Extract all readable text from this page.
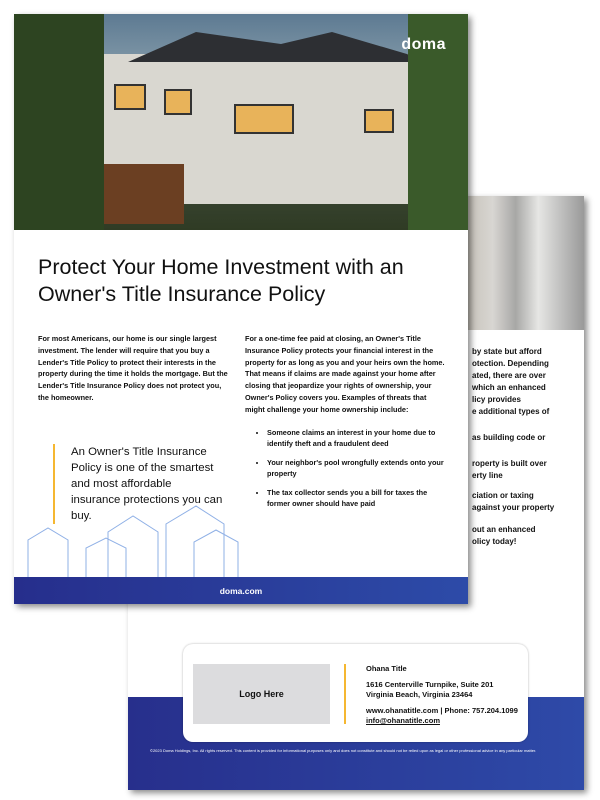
by state but afford
otection. Depending
ated, there are over
which an enhanced
licy provides
e additional types of

as building code or

roperty is built over
erty line

ciation or taxing
against your property

out an enhanced
olicy today!

Logo Here
Ohana Title
1616 Centerville Turnpike, Suite 201
Virginia Beach, Virginia 23464
www.ohanatitle.com | Phone: 757.204.1099
info@ohanatitle.com
©2023 Doma Holdings, Inc. All rights reserved. This content is provided for informational purposes only and does not constitute and should not be relied upon as legal or other professional advice in any particular matter.
doma
Protect Your Home Investment with an Owner's Title Insurance Policy
For most Americans, our home is our single largest investment. The lender will require that you buy a Lender's Title Policy to protect their interests in the property during the time it holds the mortgage. But the Lender's Title Insurance Policy does not protect you, the homeowner.
An Owner's Title Insurance Policy is one of the smartest and most affordable insurance protections you can buy.
For a one-time fee paid at closing, an Owner's Title Insurance Policy protects your financial interest in the property for as long as you and your heirs own the home. That means if claims are made against your home after closing that jeopardize your rights of ownership, your Owner's Policy covers you. Examples of threats that might challenge your home ownership include:
• Someone claims an interest in your home due to identify theft and a fraudulent deed
• Your neighbor's pool wrongfully extends onto your property
• The tax collector sends you a bill for taxes the former owner should have paid
doma.com
